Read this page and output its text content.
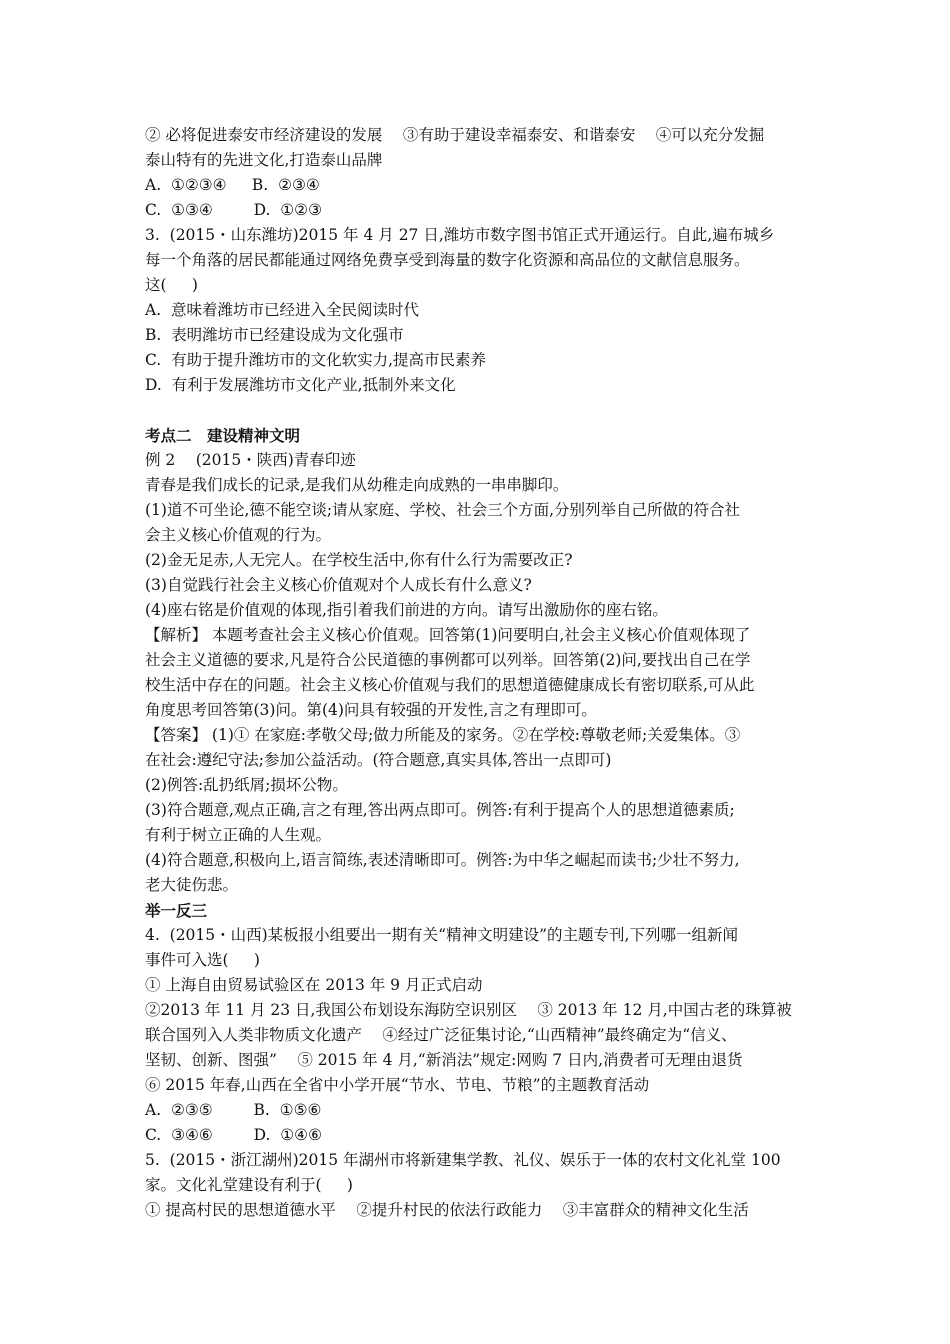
② 必将促进泰安市经济建设的发展　 ③有助于建设幸福泰安、和谐泰安　 ④可以充分发掘
泰山特有的先进文化,打造泰山品牌
A.  ①②③④　  B.  ②③④
C.  ①③④　 　 D.  ①②③
3.  (2015・山东潍坊)2015 年 4 月 27 日,潍坊市数字图书馆正式开通运行。自此,遍布城乡
每一个角落的居民都能通过网络免费享受到海量的数字化资源和高品位的文献信息服务。
这(　  )
A.  意味着潍坊市已经进入全民阅读时代
B.  表明潍坊市已经建设成为文化强市
C.  有助于提升潍坊市的文化软实力,提高市民素养
D.  有利于发展潍坊市文化产业,抵制外来文化
考点二　建设精神文明
例 2　 (2015・陕西)青春印迹
青春是我们成长的记录,是我们从幼稚走向成熟的一串串脚印。
(1)道不可坐论,德不能空谈;请从家庭、学校、社会三个方面,分别列举自己所做的符合社
会主义核心价值观的行为。
(2)金无足赤,人无完人。在学校生活中,你有什么行为需要改正?
(3)自觉践行社会主义核心价值观对个人成长有什么意义?
(4)座右铭是价值观的体现,指引着我们前进的方向。请写出激励你的座右铭。
【解析】 本题考查社会主义核心价值观。回答第(1)问要明白,社会主义核心价值观体现了
社会主义道德的要求,凡是符合公民道德的事例都可以列举。回答第(2)问,要找出自己在学
校生活中存在的问题。社会主义核心价值观与我们的思想道德健康成长有密切联系,可从此
角度思考回答第(3)问。第(4)问具有较强的开发性,言之有理即可。
【答案】 (1)① 在家庭:孝敬父母;做力所能及的家务。②在学校:尊敬老师;关爱集体。③
在社会:遵纪守法;参加公益活动。(符合题意,真实具体,答出一点即可)
(2)例答:乱扔纸屑;损坏公物。
(3)符合题意,观点正确,言之有理,答出两点即可。例答:有利于提高个人的思想道德素质;
有利于树立正确的人生观。
(4)符合题意,积极向上,语言简练,表述清晰即可。例答:为中华之崛起而读书;少壮不努力,
老大徒伤悲。
举一反三
4.  (2015・山西)某板报小组要出一期有关“精神文明建设”的主题专刊,下列哪一组新闻
事件可入选(　  )
① 上海自由贸易试验区在 2013 年 9 月正式启动
②2013 年 11 月 23 日,我国公布划设东海防空识别区　 ③ 2013 年 12 月,中国古老的珠算被
联合国列入人类非物质文化遗产　 ④经过广泛征集讨论,“山西精神”最终确定为“信义、
坚韧、创新、图强”　 ⑤ 2015 年 4 月,“新消法”规定:网购 7 日内,消费者可无理由退货
⑥ 2015 年春,山西在全省中小学开展“节水、节电、节粮”的主题教育活动
A.  ②③⑤　 　 B.  ①⑤⑥
C.  ③④⑥　 　 D.  ①④⑥
5.  (2015・浙江湖州)2015 年湖州市将新建集学教、礼仪、娱乐于一体的农村文化礼堂 100
家。文化礼堂建设有利于(　  )
① 提高村民的思想道德水平　 ②提升村民的依法行政能力　 ③丰富群众的精神文化生活
